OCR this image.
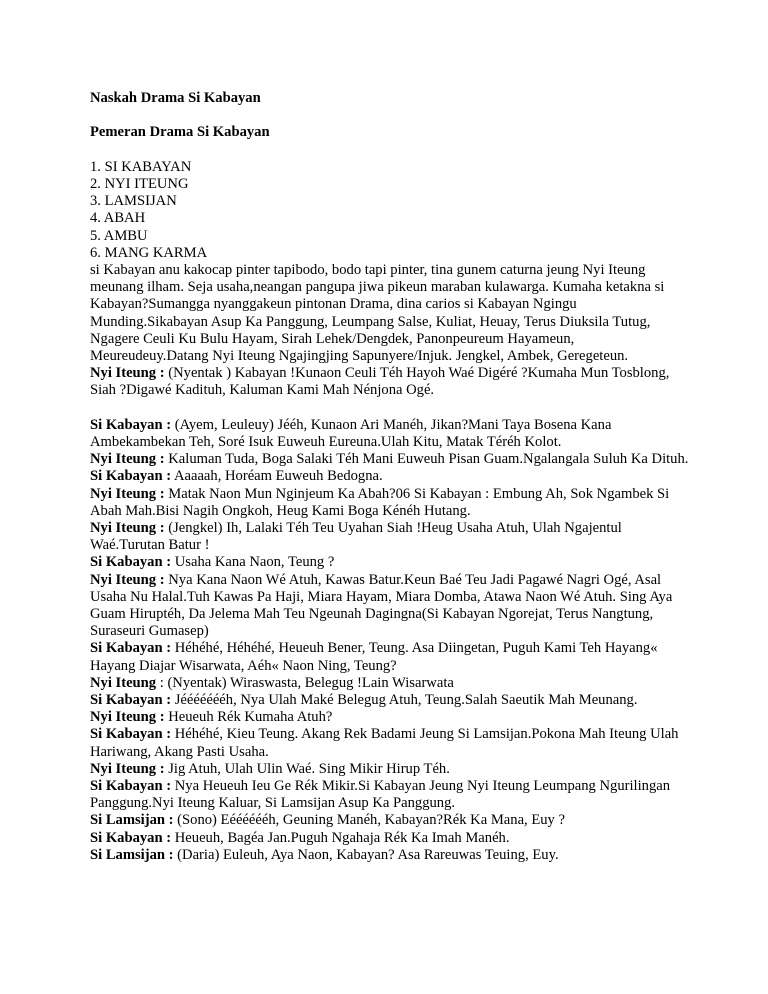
Naskah Drama Si Kabayan

Pemeran Drama Si Kabayan

1. SI KABAYAN
2. NYI ITEUNG
3. LAMSIJAN
4. ABAH
5. AMBU
6. MANG KARMA

si Kabayan anu kakocap pinter tapibodo, bodo tapi pinter, tina gunem caturna jeung Nyi Iteung meunang ilham. Seja usaha,neangan pangupa jiwa pikeun maraban kulawarga. Kumaha ketakna si Kabayan?Sumangga nyanggakeun pintonan Drama, dina carios si Kabayan Ngingu Munding.Sikabayan Asup Ka Panggung, Leumpang Salse, Kuliat, Heuay, Terus Diuksila Tutug, Ngagere Ceuli Ku Bulu Hayam, Sirah Lehek/Dengdek, Panonpeureum Hayameun, Meureudeuy.Datang Nyi Iteung Ngajingjing Sapunyere/Injuk. Jengkel, Ambek, Geregeteun.

Nyi Iteung : (Nyentak ) Kabayan !Kunaon Ceuli Téh Hayoh Waé Digéré ?Kumaha Mun Tosblong, Siah ?Digawé Kadituh, Kaluman Kami Mah Nénjona Ogé.

Si Kabayan : (Ayem, Leuleuy) Jééh, Kunaon Ari Manéh, Jikan?Mani Taya Bosena Kana Ambekambekan Teh, Soré Isuk Euweuh Eureuna.Ulah Kitu, Matak Téréh Kolot.

Nyi Iteung : Kaluman Tuda, Boga Salaki Téh Mani Euweuh Pisan Guam.Ngalangala Suluh Ka Dituh.

Si Kabayan : Aaaaah, Horéam Euweuh Bedogna.

Nyi Iteung : Matak Naon Mun Nginjeum Ka Abah?06 Si Kabayan : Embung Ah, Sok Ngambek Si Abah Mah.Bisi Nagih Ongkoh, Heug Kami Boga Kénéh Hutang.

Nyi Iteung : (Jengkel) Ih, Lalaki Téh Teu Uyahan Siah !Heug Usaha Atuh, Ulah Ngajentul Waé.Turutan Batur !

Si Kabayan : Usaha Kana Naon, Teung ?

Nyi Iteung : Nya Kana Naon Wé Atuh, Kawas Batur.Keun Baé Teu Jadi Pagawé Nagri Ogé, Asal Usaha Nu Halal.Tuh Kawas Pa Haji, Miara Hayam, Miara Domba, Atawa Naon Wé Atuh. Sing Aya Guam Hiruptéh, Da Jelema Mah Teu Ngeunah Dagingna(Si Kabayan Ngorejat, Terus Nangtung, Suraseuri Gumasep)

Si Kabayan : Héhéhé, Héhéhé, Heueuh Bener, Teung. Asa Diingetan, Puguh Kami Teh Hayang« Hayang Diajar Wisarwata, Aéh« Naon Ning, Teung?

Nyi Iteung : (Nyentak) Wiraswasta, Belegug !Lain Wisarwata

Si Kabayan : Jéééééééh, Nya Ulah Maké Belegug Atuh, Teung.Salah Saeutik Mah Meunang.

Nyi Iteung : Heueuh Rék Kumaha Atuh?

Si Kabayan : Héhéhé, Kieu Teung. Akang Rek Badami Jeung Si Lamsijan.Pokona Mah Iteung Ulah Hariwang, Akang Pasti Usaha.

Nyi Iteung : Jig Atuh, Ulah Ulin Waé. Sing Mikir Hirup Téh.

Si Kabayan : Nya Heueuh Ieu Ge Rék Mikir.Si Kabayan Jeung Nyi Iteung Leumpang Ngurilingan Panggung.Nyi Iteung Kaluar, Si Lamsijan Asup Ka Panggung.

Si Lamsijan : (Sono) Eééééééh, Geuning Manéh, Kabayan?Rék Ka Mana, Euy ?

Si Kabayan : Heueuh, Bagéa Jan.Puguh Ngahaja Rék Ka Imah Manéh.

Si Lamsijan : (Daria) Euleuh, Aya Naon, Kabayan? Asa Rareuwas Teuing, Euy.
